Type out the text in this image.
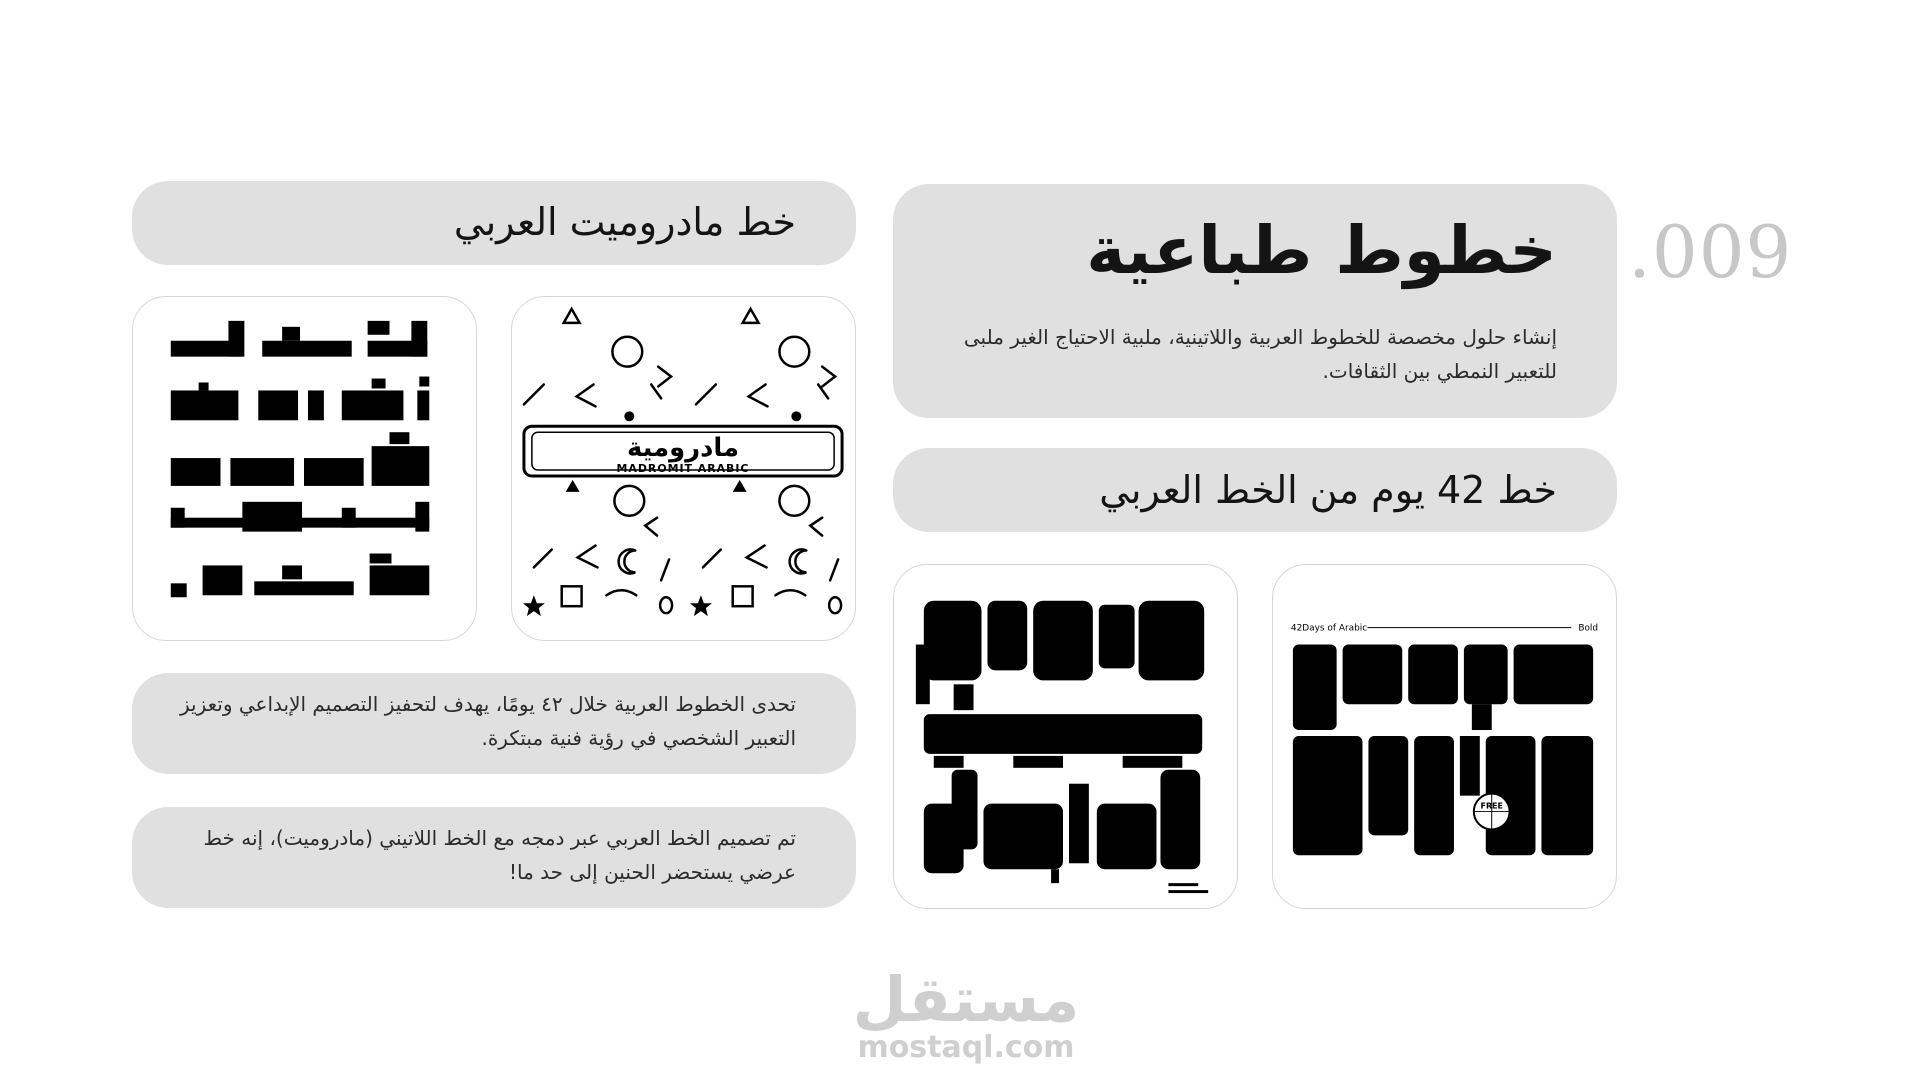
.009
خطوط طباعية
إنشاء حلول مخصصة للخطوط العربية واللاتينية، ملبية الاحتياج الغير ملبى للتعبير النمطي بين الثقافات.
خط 42 يوم من الخط العربي
خط مادروميت العربي
تحدى الخطوط العربية خلال ٤٢ يومًا، يهدف لتحفيز التصميم الإبداعي وتعزيز التعبير الشخصي في رؤية فنية مبتكرة.
تم تصميم الخط العربي عبر دمجه مع الخط اللاتيني (مادروميت)، إنه خط عرضي يستحضر الحنين إلى حد ما!
مادرومية
MADROMIT ARABIC
42Days of Arabic	Bold
FREE
مستقل
mostaql.com
